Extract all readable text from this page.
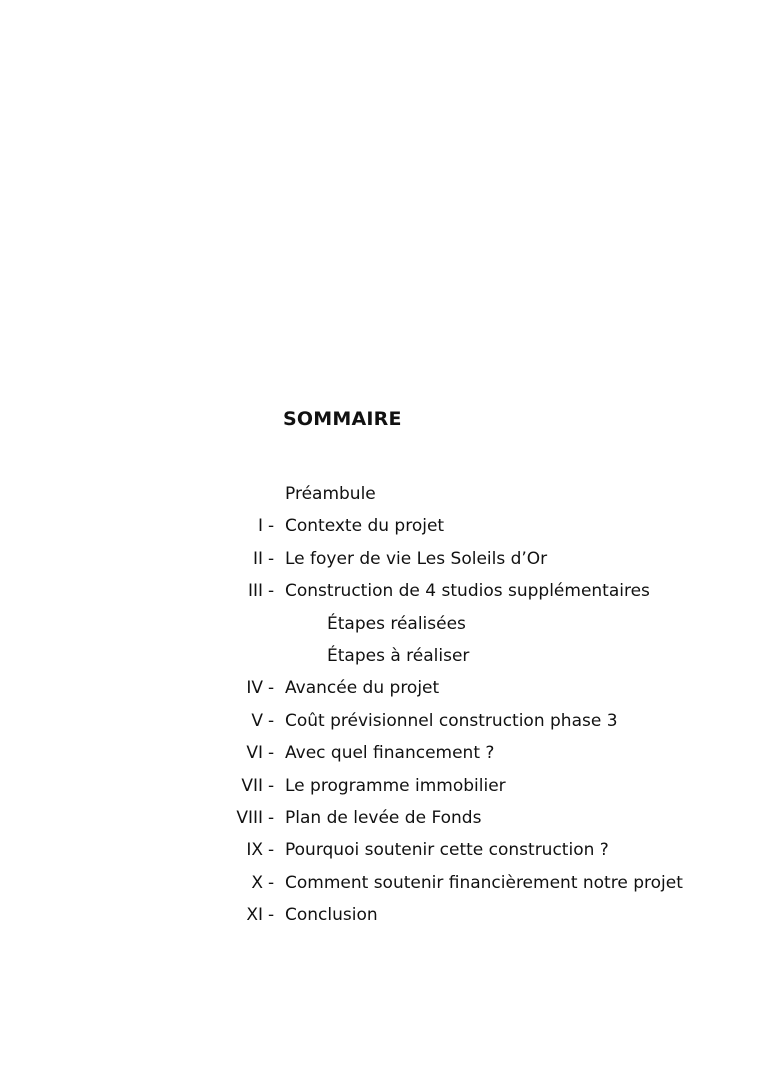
SOMMAIRE
Préambule
I - Contexte du projet
II - Le foyer de vie Les Soleils d’Or
III - Construction de 4 studios supplémentaires
Étapes réalisées
Étapes à réaliser
IV - Avancée du projet
V - Coût prévisionnel construction phase 3
VI - Avec quel financement ?
VII - Le programme immobilier
VIII - Plan de levée de Fonds
IX - Pourquoi soutenir cette construction ?
X - Comment soutenir financièrement notre projet
XI - Conclusion
